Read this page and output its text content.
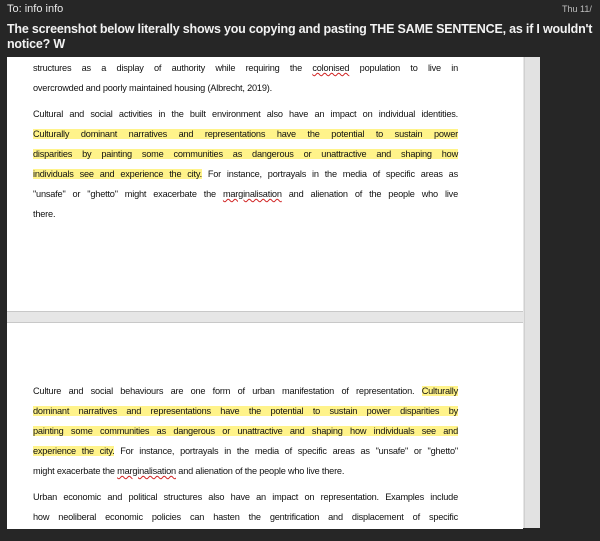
To: info info	Thu 11/
The screenshot below literally shows you copying and pasting THE SAME SENTENCE, as if I wouldn't notice? W
structures as a display of authority while requiring the colonised population to live in
overcrowded and poorly maintained housing (Albrecht, 2019).
Cultural and social activities in the built environment also have an impact on individual identities.
Culturally dominant narratives and representations have the potential to sustain power
disparities by painting some communities as dangerous or unattractive and shaping how
individuals see and experience the city. For instance, portrayals in the media of specific areas as
"unsafe" or "ghetto" might exacerbate the marginalisation and alienation of the people who live
there.
Culture and social behaviours are one form of urban manifestation of representation. Culturally
dominant narratives and representations have the potential to sustain power disparities by
painting some communities as dangerous or unattractive and shaping how individuals see and
experience the city. For instance, portrayals in the media of specific areas as "unsafe" or "ghetto"
might exacerbate the marginalisation and alienation of the people who live there.
Urban economic and political structures also have an impact on representation. Examples include
how neoliberal economic policies can hasten the gentrification and displacement of specific
